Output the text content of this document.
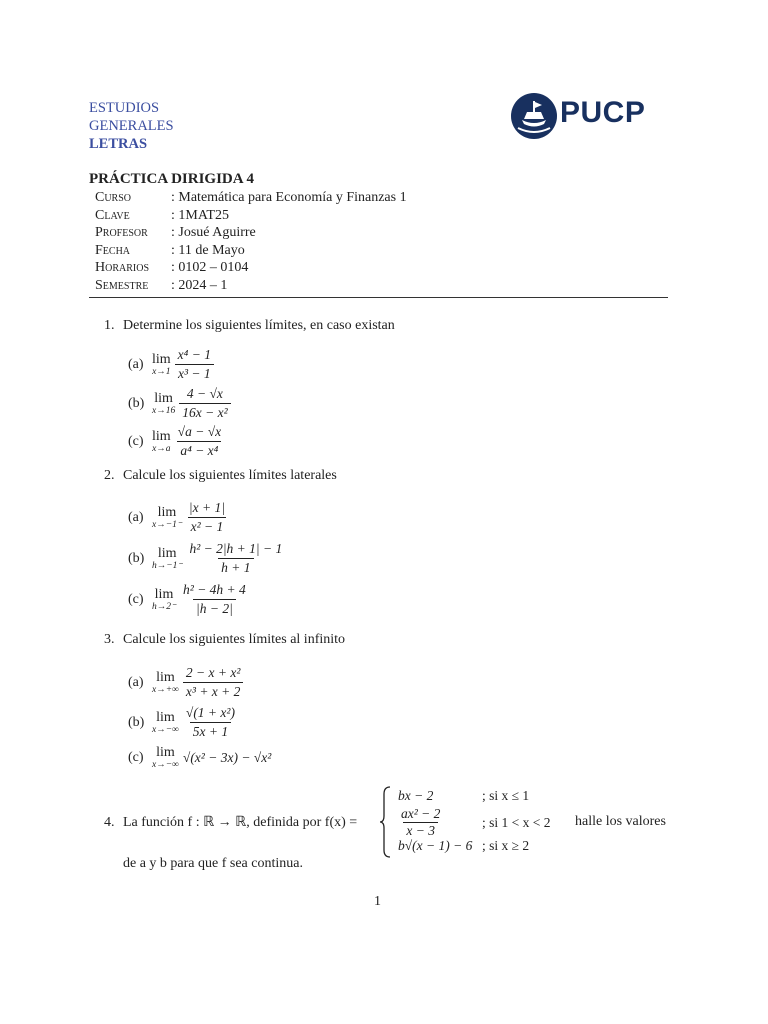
ESTUDIOS
GENERALES
LETRAS
PUCP
PRÁCTICA DIRIGIDA 4
Curso	: Matemática para Economía y Finanzas 1
Clave	: 1MAT25
Profesor	: Josué Aguirre
Fecha	: 11 de Mayo
Horarios	: 0102 – 0104
Semestre	: 2024 – 1
1. Determine los siguientes límites, en caso existan
(a) lim
$x\to 1 \frac{\text{x⁴ − 1}}{\text{x³ − 1}}$
(b) lim
$x\to 16 \frac{4 - √x}{\text{16x − x²}}$
(c) lim
$x\to a \frac{√a - √x}{\text{a⁴ − x⁴}}$
2. Calcule los siguientes límites laterales
(a)	lim
$x\to-1^- \frac{|x + 1|}{\text{x² − 1}}$
(b) lim
$h\to-1^- \frac{\text{h² − 2|h + 1| − 1}}{h + 1}$
(c) lim
$h\to 2^- \frac{\text{h² − 4h + 4}}{|h - 2|}$
3. Calcule los siguientes límites al infinito
(a) lim
$x\to+\infty \frac{\text{2 − x + x²}}{\text{x³ + x + 2}}$
(b) lim
$x\to-\infty \frac{\text{√(1 + x²)}}{5x + 1}$
(c) lim
x→−∞ √(x² − 3x) − √x²
4. La función f : ℝ → ℝ, definida por f(x) =	halle los valores
de a y b para que f sea continua.
bx − 2	; si x ≤ 1
$\frac{\text{ax² − 2}}{x - 3}$	; si 1 < x < 2
b√(x − 1) − 6 ; si x ≥ 2
1
